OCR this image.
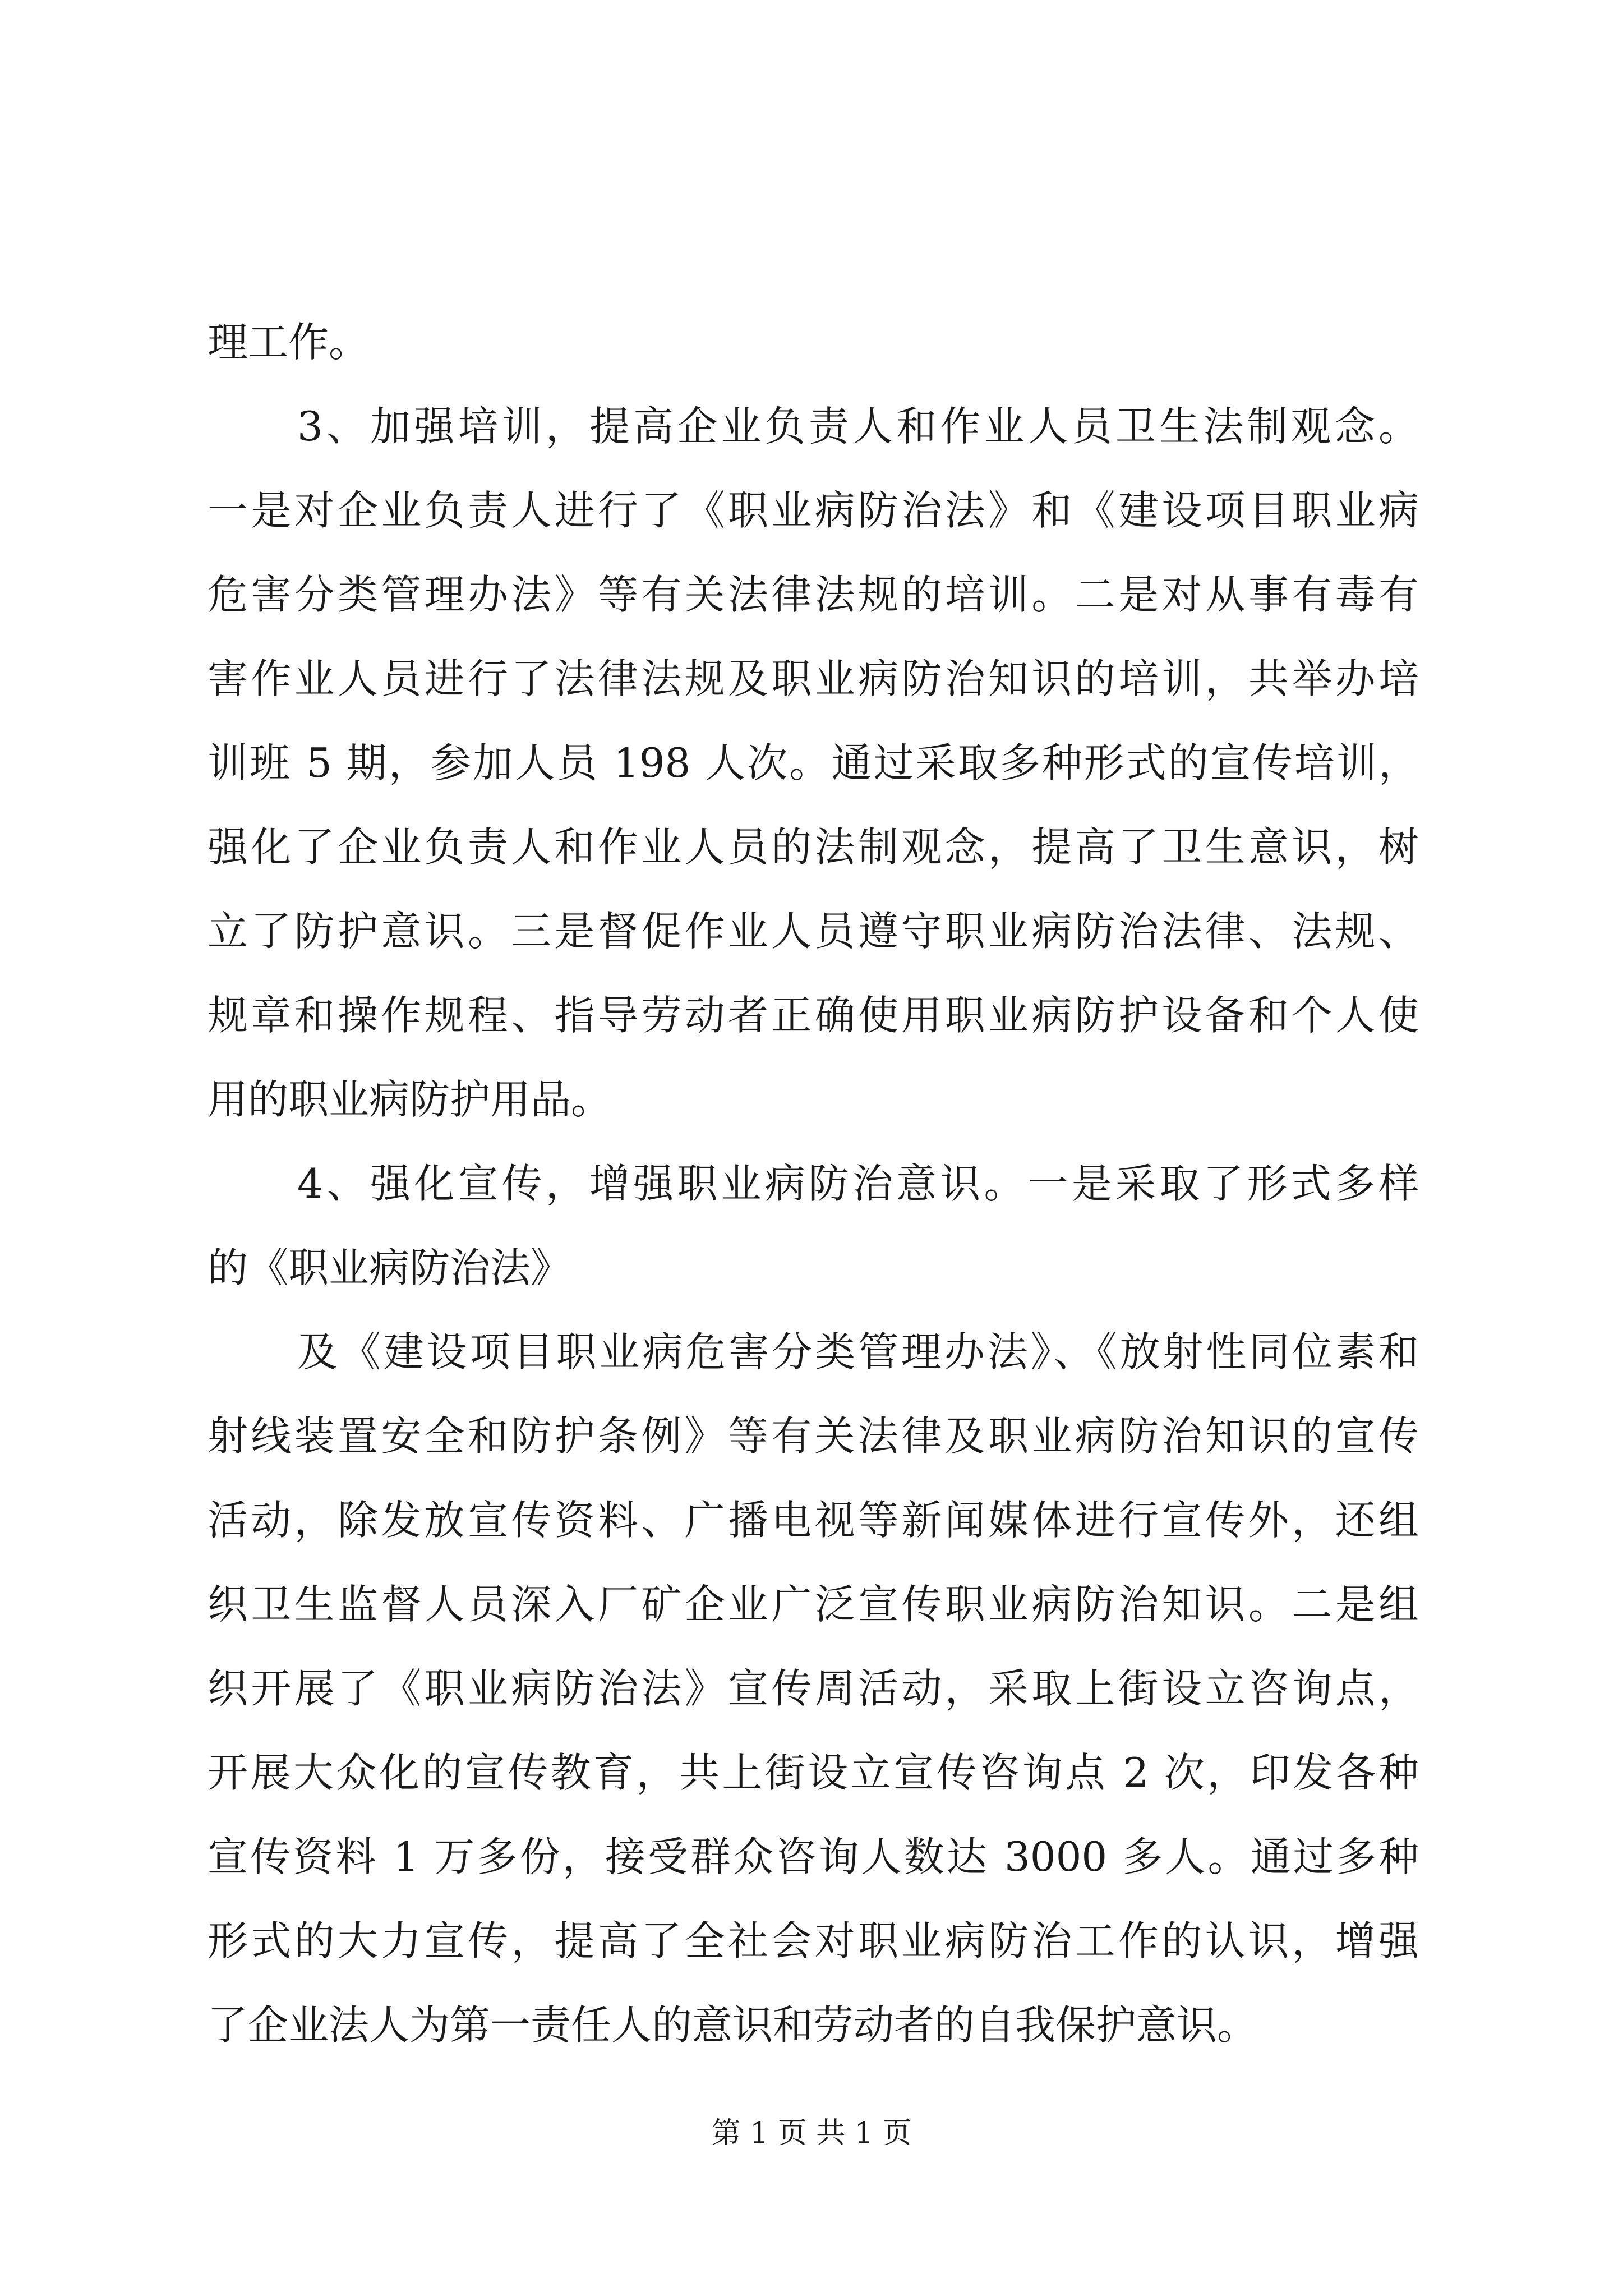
理工作。
3、加强培训，提高企业负责人和作业人员卫生法制观念。
一是对企业负责人进行了《职业病防治法》和《建设项目职业病
危害分类管理办法》等有关法律法规的培训。二是对从事有毒有
害作业人员进行了法律法规及职业病防治知识的培训，共举办培
训班 5 期，参加人员 198 人次。通过采取多种形式的宣传培训，
强化了企业负责人和作业人员的法制观念，提高了卫生意识，树
立了防护意识。三是督促作业人员遵守职业病防治法律、法规、
规章和操作规程、指导劳动者正确使用职业病防护设备和个人使
用的职业病防护用品。
4、强化宣传，增强职业病防治意识。一是采取了形式多样
的《职业病防治法》
及《建设项目职业病危害分类管理办法》、《放射性同位素和
射线装置安全和防护条例》等有关法律及职业病防治知识的宣传
活动，除发放宣传资料、广播电视等新闻媒体进行宣传外，还组
织卫生监督人员深入厂矿企业广泛宣传职业病防治知识。二是组
织开展了《职业病防治法》宣传周活动，采取上街设立咨询点，
开展大众化的宣传教育，共上街设立宣传咨询点 2 次，印发各种
宣传资料 1 万多份，接受群众咨询人数达 3000 多人。通过多种
形式的大力宣传，提高了全社会对职业病防治工作的认识，增强
了企业法人为第一责任人的意识和劳动者的自我保护意识。
第 1 页 共 1 页
